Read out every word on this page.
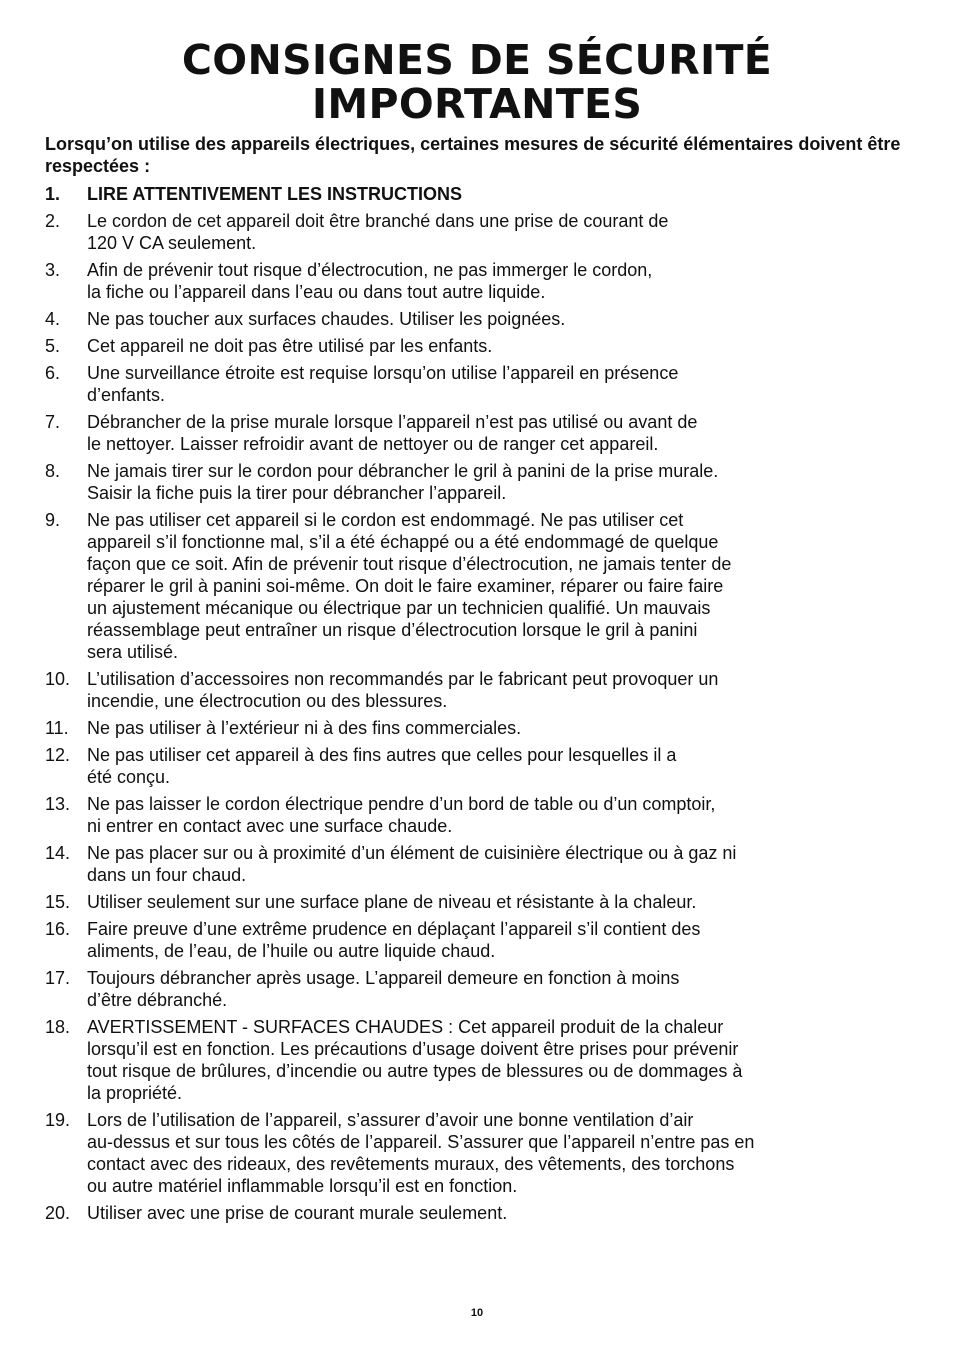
CONSIGNES DE SÉCURITÉ
IMPORTANTES

Lorsqu’on utilise des appareils électriques, certaines mesures de sécurité élémentaires doivent être respectées :

1.	LIRE ATTENTIVEMENT LES INSTRUCTIONS
2.	Le cordon de cet appareil doit être branché dans une prise de courant de
120 V CA seulement.
3.	Afin de prévenir tout risque d’électrocution, ne pas immerger le cordon,
la fiche ou l’appareil dans l’eau ou dans tout autre liquide.
4.	Ne pas toucher aux surfaces chaudes. Utiliser les poignées.
5.	Cet appareil ne doit pas être utilisé par les enfants.
6.	Une surveillance étroite est requise lorsqu’on utilise l’appareil en présence
d’enfants.
7.	Débrancher de la prise murale lorsque l’appareil n’est pas utilisé ou avant de
le nettoyer. Laisser refroidir avant de nettoyer ou de ranger cet appareil.
8.	Ne jamais tirer sur le cordon pour débrancher le gril à panini de la prise murale.
Saisir la fiche puis la tirer pour débrancher l’appareil.
9.	Ne pas utiliser cet appareil si le cordon est endommagé. Ne pas utiliser cet
appareil s’il fonctionne mal, s’il a été échappé ou a été endommagé de quelque
façon que ce soit. Afin de prévenir tout risque d’électrocution, ne jamais tenter de
réparer le gril à panini soi-même. On doit le faire examiner, réparer ou faire faire
un ajustement mécanique ou électrique par un technicien qualifié. Un mauvais
réassemblage peut entraîner un risque d’électrocution lorsque le gril à panini
sera utilisé.
10. L’utilisation d’accessoires non recommandés par le fabricant peut provoquer un
incendie, une électrocution ou des blessures.
11.	Ne pas utiliser à l’extérieur ni à des fins commerciales.
12. Ne pas utiliser cet appareil à des fins autres que celles pour lesquelles il a
été conçu.
13. Ne pas laisser le cordon électrique pendre d’un bord de table ou d’un comptoir,
ni entrer en contact avec une surface chaude.
14. Ne pas placer sur ou à proximité d’un élément de cuisinière électrique ou à gaz ni
dans un four chaud.
15. Utiliser seulement sur une surface plane de niveau et résistante à la chaleur.
16. Faire preuve d’une extrême prudence en déplaçant l’appareil s’il contient des
aliments, de l’eau, de l’huile ou autre liquide chaud.
17. Toujours débrancher après usage. L’appareil demeure en fonction à moins
d’être débranché.
18. AVERTISSEMENT - SURFACES CHAUDES : Cet appareil produit de la chaleur
lorsqu’il est en fonction. Les précautions d’usage doivent être prises pour prévenir
tout risque de brûlures, d’incendie ou autre types de blessures ou de dommages à
la propriété.
19. Lors de l’utilisation de l’appareil, s’assurer d’avoir une bonne ventilation d’air
au-dessus et sur tous les côtés de l’appareil. S’assurer que l’appareil n’entre pas en
contact avec des rideaux, des revêtements muraux, des vêtements, des torchons
ou autre matériel inflammable lorsqu’il est en fonction.
20. Utiliser avec une prise de courant murale seulement.
10
